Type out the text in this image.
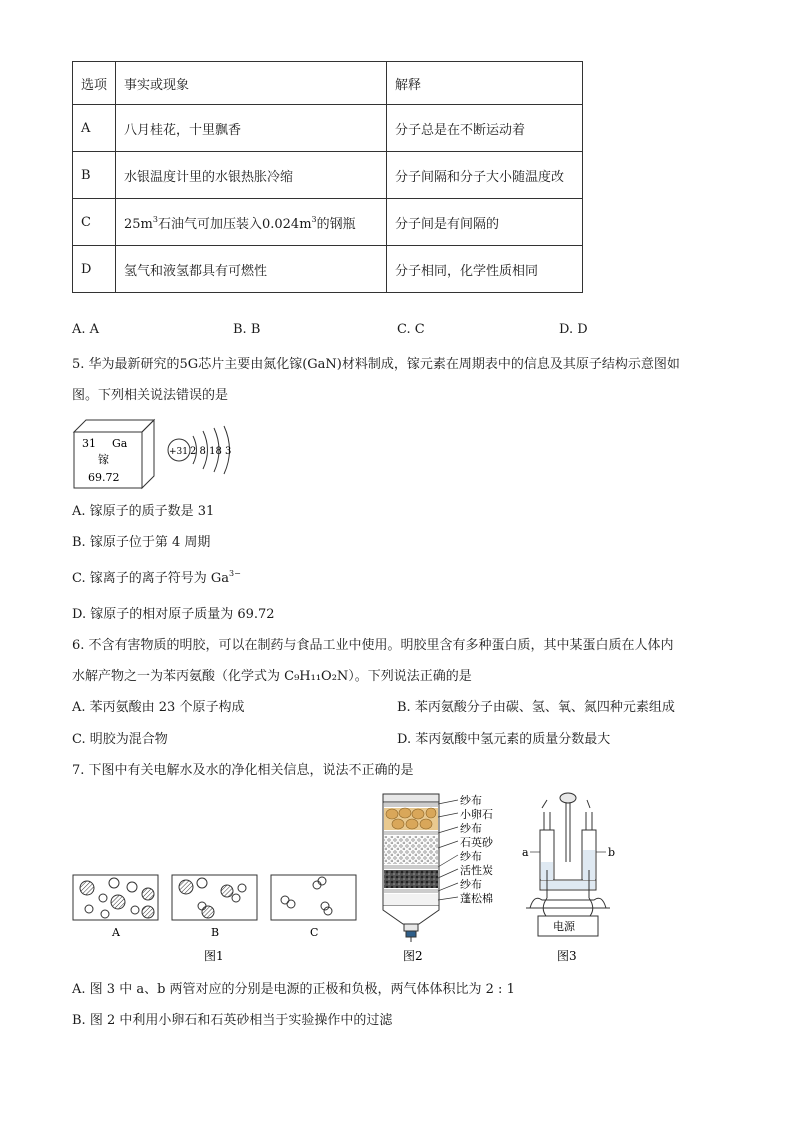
选项	事实或现象	解释
A	八月桂花，十里飘香	分子总是在不断运动着
B	水银温度计里的水银热胀冷缩	分子间隔和分子大小随温度改
C	$25m^3$石油气可加压装入$0.024m^3$的钢瓶	分子间是有间隔的
D	氢气和液氢都具有可燃性	分子相同，化学性质相同
A. A	B. B	C. C	D. D
5. 华为最新研究的5G芯片主要由氮化镓(GaN)材料制成，镓元素在周期表中的信息及其原子结构示意图如
图。下列相关说法错误的是
31 Ga
镓
69.72
+31 2 8 18 3
A. 镓原子的质子数是 31
B. 镓原子位于第 4 周期
C. 镓离子的离子符号为 $Ga^{3-}$
D. 镓原子的相对原子质量为 69.72
6. 不含有害物质的明胶，可以在制药与食品工业中使用。明胶里含有多种蛋白质，其中某蛋白质在人体内
水解产物之一为苯丙氨酸（化学式为 C₉H₁₁O₂N）。下列说法正确的是
A. 苯丙氨酸由 23 个原子构成	B. 苯丙氨酸分子由碳、氢、氧、氮四种元素组成
C. 明胶为混合物	D. 苯丙氨酸中氢元素的质量分数最大
7. 下图中有关电解水及水的净化相关信息，说法不正确的是
A	B	C
图1
纱布
小卵石
纱布
石英砂
纱布
活性炭
纱布
蓬松棉
图2
a	b
电源
图3
A. 图 3 中 a、b 两管对应的分别是电源的正极和负极，两气体体积比为 2 : 1
B. 图 2 中利用小卵石和石英砂相当于实验操作中的过滤
